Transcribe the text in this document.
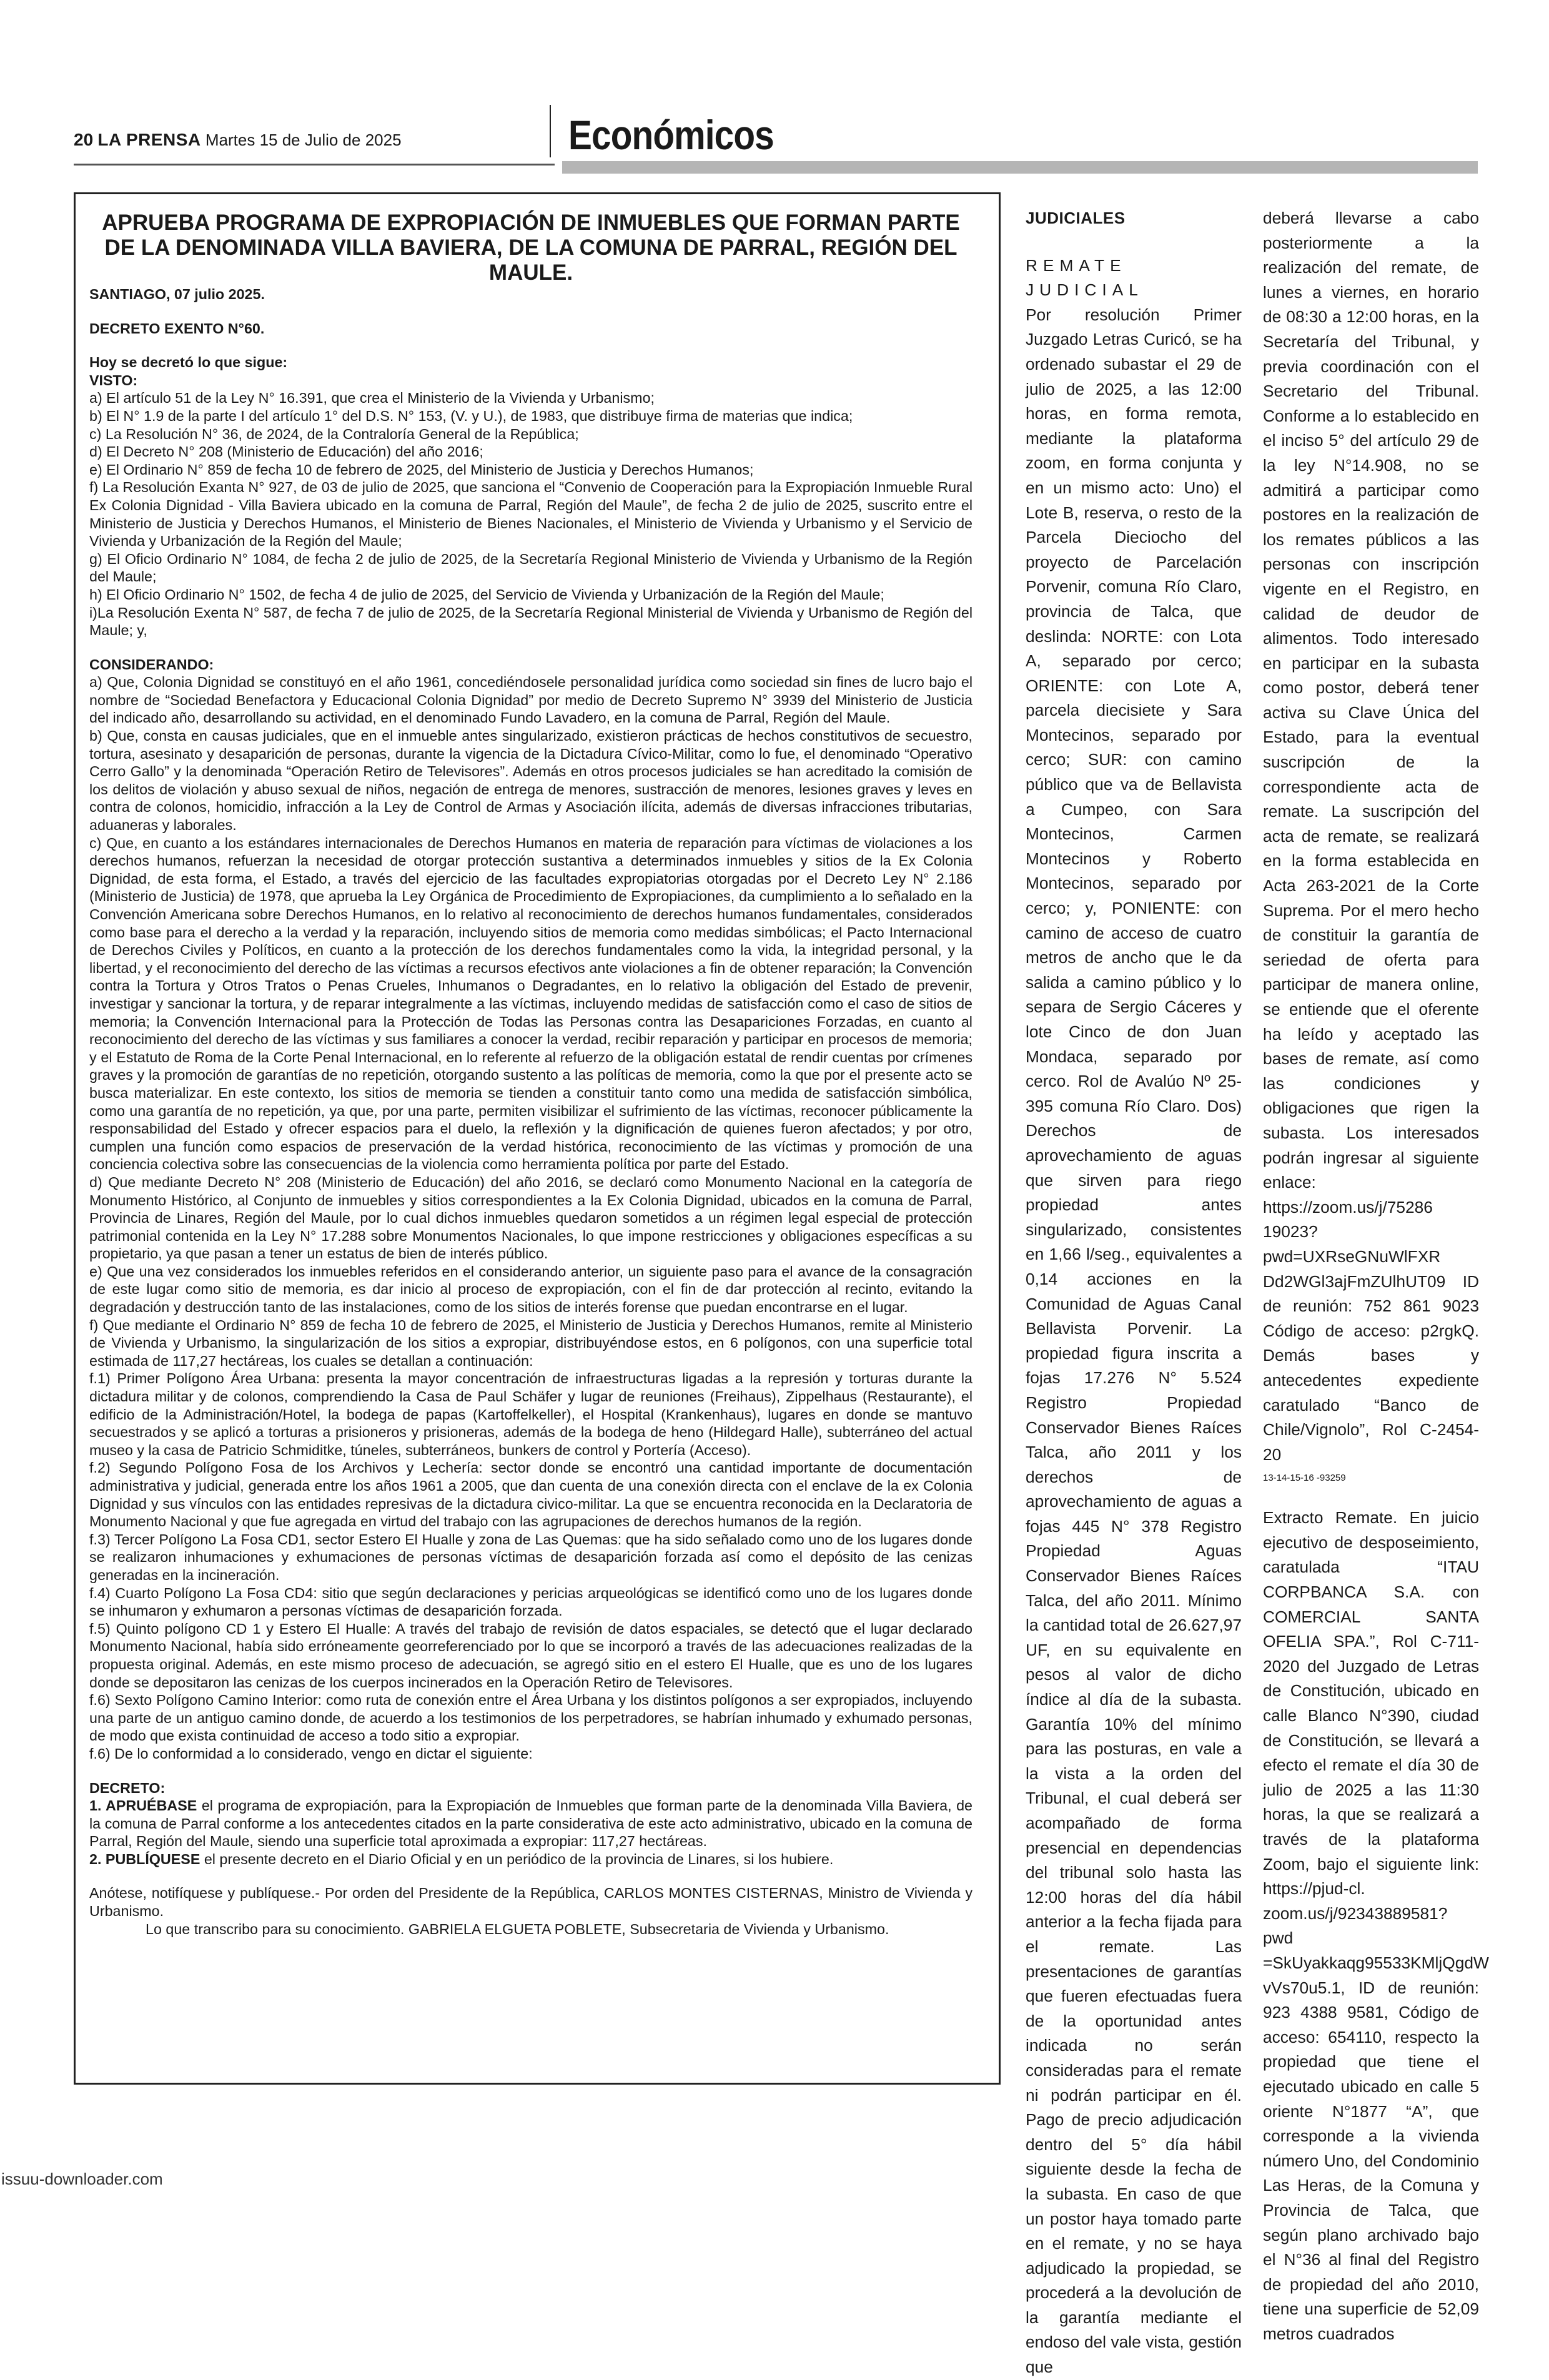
20 LA PRENSA Martes 15 de Julio de 2025	Económicos

APRUEBA PROGRAMA DE EXPROPIACIÓN DE INMUEBLES QUE FORMAN PARTE DE LA DENOMINADA VILLA BAVIERA, DE LA COMUNA DE PARRAL, REGIÓN DEL MAULE.

SANTIAGO, 07 julio 2025.

DECRETO EXENTO N°60.

Hoy se decretó lo que sigue:

VISTO:

a) El artículo 51 de la Ley N° 16.391, que crea el Ministerio de la Vivienda y Urbanismo;

b) El N° 1.9 de la parte I del artículo 1° del D.S. N° 153, (V. y U.), de 1983, que distribuye firma de materias que indica;

c) La Resolución N° 36, de 2024, de la Contraloría General de la República;

d) El Decreto N° 208 (Ministerio de Educación) del año 2016;

e) El Ordinario N° 859 de fecha 10 de febrero de 2025, del Ministerio de Justicia y Derechos Humanos;

f) La Resolución Exanta N° 927, de 03 de julio de 2025, que sanciona el “Convenio de Cooperación para la Expropiación Inmueble Rural Ex Colonia Dignidad - Villa Baviera ubicado en la comuna de Parral, Región del Maule”, de fecha 2 de julio de 2025, suscrito entre el Ministerio de Justicia y Derechos Humanos, el Ministerio de Bienes Nacionales, el Ministerio de Vivienda y Urbanismo y el Servicio de Vivienda y Urbanización de la Región del Maule;

g) El Oficio Ordinario N° 1084, de fecha 2 de julio de 2025, de la Secretaría Regional Ministerio de Vivienda y Urbanismo de la Región del Maule;

h) El Oficio Ordinario N° 1502, de fecha 4 de julio de 2025, del Servicio de Vivienda y Urbanización de la Región del Maule;

i)La Resolución Exenta N° 587, de fecha 7 de julio de 2025, de la Secretaría Regional Ministerial de Vivienda y Urbanismo de Región del Maule; y,

CONSIDERANDO:

a) Que, Colonia Dignidad se constituyó en el año 1961, concediéndosele personalidad jurídica como sociedad sin fines de lucro bajo el nombre de “Sociedad Benefactora y Educacional Colonia Dignidad” por medio de Decreto Supremo N° 3939 del Ministerio de Justicia del indicado año, desarrollando su actividad, en el denominado Fundo Lavadero, en la comuna de Parral, Región del Maule.

b) Que, consta en causas judiciales, que en el inmueble antes singularizado, existieron prácticas de hechos constitutivos de secuestro, tortura, asesinato y desaparición de personas, durante la vigencia de la Dictadura Cívico-Militar, como lo fue, el denominado “Operativo Cerro Gallo” y la denominada “Operación Retiro de Televisores”. Además en otros procesos judiciales se han acreditado la comisión de los delitos de violación y abuso sexual de niños, negación de entrega de menores, sustracción de menores, lesiones graves y leves en contra de colonos, homicidio, infracción a la Ley de Control de Armas y Asociación ilícita, además de diversas infracciones tributarias, aduaneras y laborales.

c) Que, en cuanto a los estándares internacionales de Derechos Humanos en materia de reparación para víctimas de violaciones a los derechos humanos, refuerzan la necesidad de otorgar protección sustantiva a determinados inmuebles y sitios de la Ex Colonia Dignidad, de esta forma, el Estado, a través del ejercicio de las facultades expropiatorias otorgadas por el Decreto Ley N° 2.186 (Ministerio de Justicia) de 1978, que aprueba la Ley Orgánica de Procedimiento de Expropiaciones, da cumplimiento a lo señalado en la Convención Americana sobre Derechos Humanos, en lo relativo al reconocimiento de derechos humanos fundamentales, considerados como base para el derecho a la verdad y la reparación, incluyendo sitios de memoria como medidas simbólicas; el Pacto Internacional de Derechos Civiles y Políticos, en cuanto a la protección de los derechos fundamentales como la vida, la integridad personal, y la libertad, y el reconocimiento del derecho de las víctimas a recursos efectivos ante violaciones a fin de obtener reparación; la Convención contra la Tortura y Otros Tratos o Penas Crueles, Inhumanos o Degradantes, en lo relativo la obligación del Estado de prevenir, investigar y sancionar la tortura, y de reparar integralmente a las víctimas, incluyendo medidas de satisfacción como el caso de sitios de memoria; la Convención Internacional para la Protección de Todas las Personas contra las Desapariciones Forzadas, en cuanto al reconocimiento del derecho de las víctimas y sus familiares a conocer la verdad, recibir reparación y participar en procesos de memoria; y el Estatuto de Roma de la Corte Penal Internacional, en lo referente al refuerzo de la obligación estatal de rendir cuentas por crímenes graves y la promoción de garantías de no repetición, otorgando sustento a las políticas de memoria, como la que por el presente acto se busca materializar. En este contexto, los sitios de memoria se tienden a constituir tanto como una medida de satisfacción simbólica, como una garantía de no repetición, ya que, por una parte, permiten visibilizar el sufrimiento de las víctimas, reconocer públicamente la responsabilidad del Estado y ofrecer espacios para el duelo, la reflexión y la dignificación de quienes fueron afectados; y por otro, cumplen una función como espacios de preservación de la verdad histórica, reconocimiento de las víctimas y promoción de una conciencia colectiva sobre las consecuencias de la violencia como herramienta política por parte del Estado.

d) Que mediante Decreto N° 208 (Ministerio de Educación) del año 2016, se declaró como Monumento Nacional en la categoría de Monumento Histórico, al Conjunto de inmuebles y sitios correspondientes a la Ex Colonia Dignidad, ubicados en la comuna de Parral, Provincia de Linares, Región del Maule, por lo cual dichos inmuebles quedaron sometidos a un régimen legal especial de protección patrimonial contenida en la Ley N° 17.288 sobre Monumentos Nacionales, lo que impone restricciones y obligaciones específicas a su propietario, ya que pasan a tener un estatus de bien de interés público.

e) Que una vez considerados los inmuebles referidos en el considerando anterior, un siguiente paso para el avance de la consagración de este lugar como sitio de memoria, es dar inicio al proceso de expropiación, con el fin de dar protección al recinto, evitando la degradación y destrucción tanto de las instalaciones, como de los sitios de interés forense que puedan encontrarse en el lugar.

f) Que mediante el Ordinario N° 859 de fecha 10 de febrero de 2025, el Ministerio de Justicia y Derechos Humanos, remite al Ministerio de Vivienda y Urbanismo, la singularización de los sitios a expropiar, distribuyéndose estos, en 6 polígonos, con una superficie total estimada de 117,27 hectáreas, los cuales se detallan a continuación:

f.1) Primer Polígono Área Urbana: presenta la mayor concentración de infraestructuras ligadas a la represión y torturas durante la dictadura militar y de colonos, comprendiendo la Casa de Paul Schäfer y lugar de reuniones (Freihaus), Zippelhaus (Restaurante), el edificio de la Administración/Hotel, la bodega de papas (Kartoffelkeller), el Hospital (Krankenhaus), lugares en donde se mantuvo secuestrados y se aplicó a torturas a prisioneros y prisioneras, además de la bodega de heno (Hildegard Halle), subterráneo del actual museo y la casa de Patricio Schmiditke, túneles, subterráneos, bunkers de control y Portería (Acceso).

f.2) Segundo Polígono Fosa de los Archivos y Lechería: sector donde se encontró una cantidad importante de documentación administrativa y judicial, generada entre los años 1961 a 2005, que dan cuenta de una conexión directa con el enclave de la ex Colonia Dignidad y sus vínculos con las entidades represivas de la dictadura civico-militar. La que se encuentra reconocida en la Declaratoria de Monumento Nacional y que fue agregada en virtud del trabajo con las agrupaciones de derechos humanos de la región.

f.3) Tercer Polígono La Fosa CD1, sector Estero El Hualle y zona de Las Quemas: que ha sido señalado como uno de los lugares donde se realizaron inhumaciones y exhumaciones de personas víctimas de desaparición forzada así como el depósito de las cenizas generadas en la incineración.

f.4) Cuarto Polígono La Fosa CD4: sitio que según declaraciones y pericias arqueológicas se identificó como uno de los lugares donde se inhumaron y exhumaron a personas víctimas de desaparición forzada.

f.5) Quinto polígono CD 1 y Estero El Hualle: A través del trabajo de revisión de datos espaciales, se detectó que el lugar declarado Monumento Nacional, había sido erróneamente georreferenciado por lo que se incorporó a través de las adecuaciones realizadas de la propuesta original. Además, en este mismo proceso de adecuación, se agregó sitio en el estero El Hualle, que es uno de los lugares donde se depositaron las cenizas de los cuerpos incinerados en la Operación Retiro de Televisores.

f.6) Sexto Polígono Camino Interior: como ruta de conexión entre el Área Urbana y los distintos polígonos a ser expropiados, incluyendo una parte de un antiguo camino donde, de acuerdo a los testimonios de los perpetradores, se habrían inhumado y exhumado personas, de modo que exista continuidad de acceso a todo sitio a expropiar.

f.6) De lo conformidad a lo considerado, vengo en dictar el siguiente:

DECRETO:

1. APRUÉBASE el programa de expropiación, para la Expropiación de Inmuebles que forman parte de la denominada Villa Baviera, de la comuna de Parral conforme a los antecedentes citados en la parte considerativa de este acto administrativo, ubicado en la comuna de Parral, Región del Maule, siendo una superficie total aproximada a expropiar: 117,27 hectáreas.

2. PUBLÍQUESE el presente decreto en el Diario Oficial y en un periódico de la provincia de Linares, si los hubiere.

Anótese, notifíquese y publíquese.- Por orden del Presidente de la República, CARLOS MONTES CISTERNAS, Ministro de Vivienda y Urbanismo.

Lo que transcribo para su conocimiento. GABRIELA ELGUETA POBLETE, Subsecretaria de Vivienda y Urbanismo.

JUDICIALES

REMATE JUDICIAL

Por resolución Primer Juzgado Letras Curicó, se ha ordenado subastar el 29 de julio de 2025, a las 12:00 horas, en forma remota, mediante la plataforma zoom, en forma conjunta y en un mismo acto: Uno) el Lote B, reserva, o resto de la Parcela Dieciocho del proyecto de Parcelación Porvenir, comuna Río Claro, provincia de Talca, que deslinda: NORTE: con Lota A, separado por cerco; ORIENTE: con Lote A, parcela diecisiete y Sara Montecinos, separado por cerco; SUR: con camino público que va de Bellavista a Cumpeo, con Sara Montecinos, Carmen Montecinos y Roberto Montecinos, separado por cerco; y, PONIENTE: con camino de acceso de cuatro metros de ancho que le da salida a camino público y lo separa de Sergio Cáceres y lote Cinco de don Juan Mondaca, separado por cerco. Rol de Avalúo Nº 25-395 comuna Río Claro. Dos) Derechos de aprovechamiento de aguas que sirven para riego propiedad antes singularizado, consistentes en 1,66 l/seg., equivalentes a 0,14 acciones en la Comunidad de Aguas Canal Bellavista Porvenir. La propiedad figura inscrita a fojas 17.276 N° 5.524 Registro Propiedad Conservador Bienes Raíces Talca, año 2011 y los derechos de aprovechamiento de aguas a fojas 445 N° 378 Registro Propiedad Aguas Conservador Bienes Raíces Talca, del año 2011. Mínimo la cantidad total de 26.627,97 UF, en su equivalente en pesos al valor de dicho índice al día de la subasta. Garantía 10% del mínimo para las posturas, en vale a la vista a la orden del Tribunal, el cual deberá ser acompañado de forma presencial en dependencias del tribunal solo hasta las 12:00 horas del día hábil anterior a la fecha fijada para el remate. Las presentaciones de garantías que fueren efectuadas fuera de la oportunidad antes indicada no serán consideradas para el remate ni podrán participar en él. Pago de precio adjudicación dentro del 5° día hábil siguiente desde la fecha de la subasta. En caso de que un postor haya tomado parte en el remate, y no se haya adjudicado la propiedad, se procederá a la devolución de la garantía mediante el endoso del vale vista, gestión que

deberá llevarse a cabo posteriormente a la realización del remate, de lunes a viernes, en horario de 08:30 a 12:00 horas, en la Secretaría del Tribunal, y previa coordinación con el Secretario del Tribunal. Conforme a lo establecido en el inciso 5° del artículo 29 de la ley N°14.908, no se admitirá a participar como postores en la realización de los remates públicos a las personas con inscripción vigente en el Registro, en calidad de deudor de alimentos. Todo interesado en participar en la subasta como postor, deberá tener activa su Clave Única del Estado, para la eventual suscripción de la correspondiente acta de remate. La suscripción del acta de remate, se realizará en la forma establecida en Acta 263-2021 de la Corte Suprema. Por el mero hecho de constituir la garantía de seriedad de oferta para participar de manera online, se entiende que el oferente ha leído y aceptado las bases de remate, así como las condiciones y obligaciones que rigen la subasta. Los interesados podrán ingresar al siguiente enlace: https://zoom.us/j/75286 19023?pwd=UXRseGNuWlFXR Dd2WGl3ajFmZUlhUT09 ID de reunión: 752 861 9023 Código de acceso: p2rgkQ. Demás bases y antecedentes expediente caratulado “Banco de Chile/Vignolo”, Rol C-2454-20

13-14-15-16 -93259

Extracto Remate. En juicio ejecutivo de desposeimiento, caratulada “ITAU CORPBANCA S.A. con COMERCIAL SANTA OFELIA SPA.”, Rol C-711-2020 del Juzgado de Letras de Constitución, ubicado en calle Blanco N°390, ciudad de Constitución, se llevará a efecto el remate el día 30 de julio de 2025 a las 11:30 horas, la que se realizará a través de la plataforma Zoom, bajo el siguiente link: https://pjud-cl. zoom.us/j/92343889581? pwd =SkUyakkaqg95533KMljQgdW vVs70u5.1, ID de reunión: 923 4388 9581, Código de acceso: 654110, respecto la propiedad que tiene el ejecutado ubicado en calle 5 oriente N°1877 “A”, que corresponde a la vivienda número Uno, del Condominio Las Heras, de la Comuna y Provincia de Talca, que según plano archivado bajo el N°36 al final del Registro de propiedad del año 2010, tiene una superficie de 52,09 metros cuadrados

issuu-downloader.com
